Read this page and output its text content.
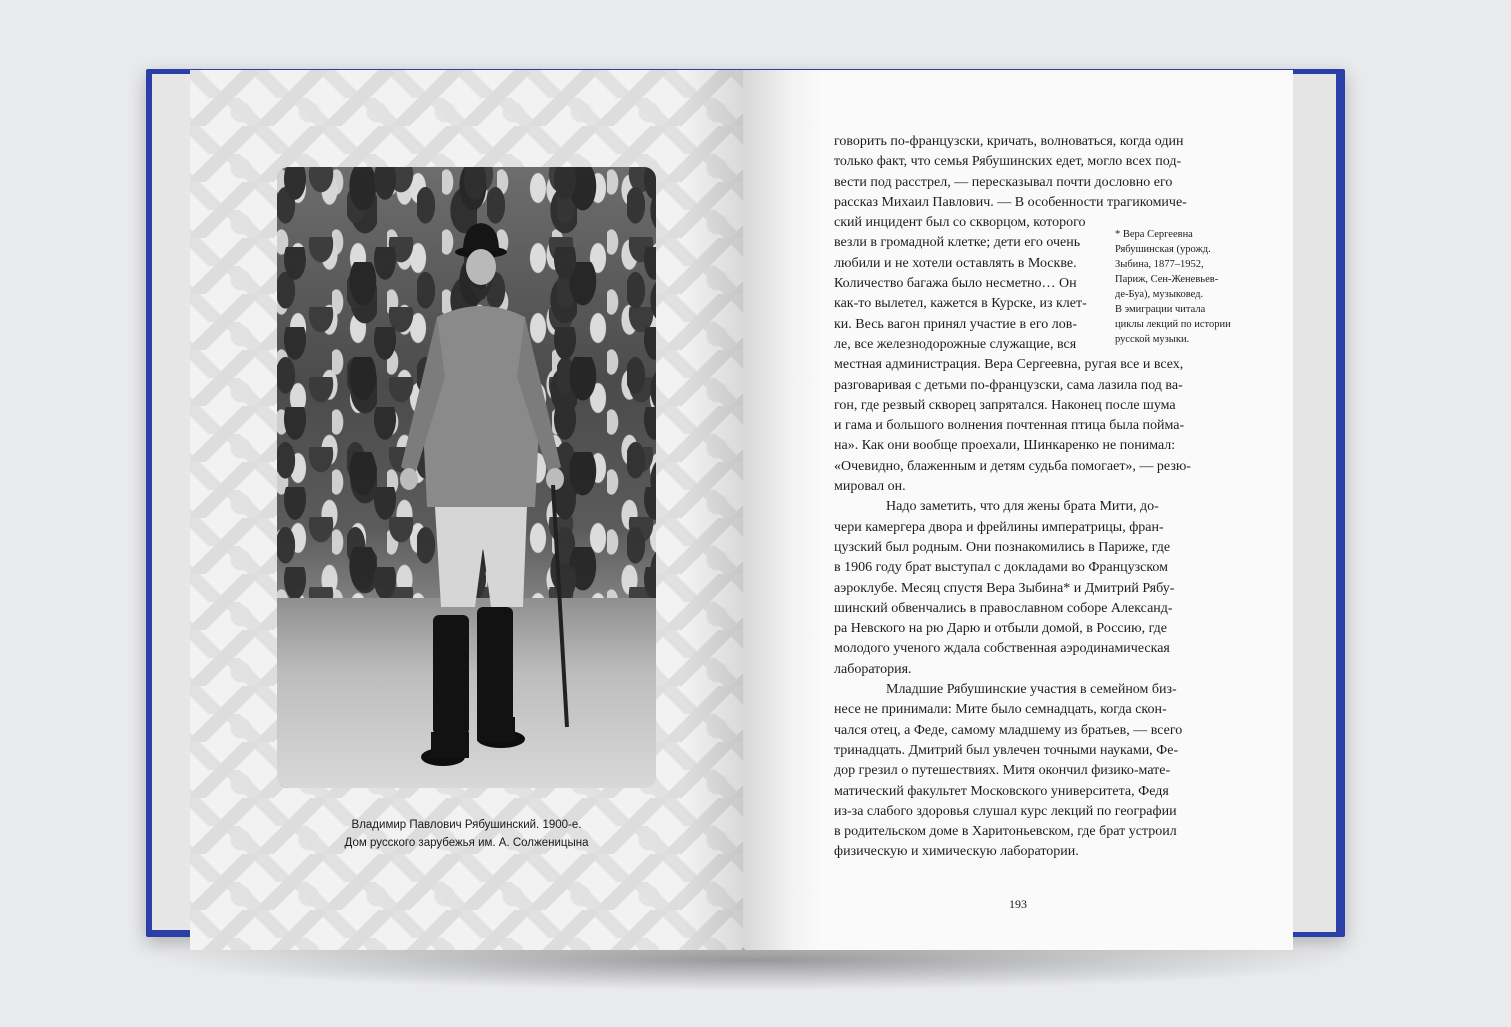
Владимир Павлович Рябушинский. 1900-е.
Дом русского зарубежья им. А. Солженицына
говорить по-французски, кричать, волноваться, когда один
только факт, что семья Рябушинских едет, могло всех под-
вести под расстрел, — пересказывал почти дословно его
рассказ Михаил Павлович. — В особенности трагикомиче-
ский инцидент был со скворцом, которого
везли в громадной клетке; дети его очень
любили и не хотели оставлять в Москве.
Количество багажа было несметно… Он
как-то вылетел, кажется в Курске, из клет-
ки. Весь вагон принял участие в его лов-
ле, все железнодорожные служащие, вся
местная администрация. Вера Сергеевна, ругая все и всех,
разговаривая с детьми по-французски, сама лазила под ва-
гон, где резвый скворец запрятался. Наконец после шума
и гама и большого волнения почтенная птица была пойма-
на». Как они вообще проехали, Шинкаренко не понимал:
«Очевидно, блаженным и детям судьба помогает», — резю-
мировал он.
Надо заметить, что для жены брата Мити, до-
чери камергера двора и фрейлины императрицы, фран-
цузский был родным. Они познакомились в Париже, где
в 1906 году брат выступал с докладами во Французском
аэроклубе. Месяц спустя Вера Зыбина* и Дмитрий Рябу-
шинский обвенчались в православном соборе Александ-
ра Невского на рю Дарю и отбыли домой, в Россию, где
молодого ученого ждала собственная аэродинамическая
лаборатория.
Младшие Рябушинские участия в семейном биз-
несе не принимали: Мите было семнадцать, когда скон-
чался отец, а Феде, самому младшему из братьев, — всего
тринадцать. Дмитрий был увлечен точными науками, Фе-
дор грезил о путешествиях. Митя окончил физико-мате-
матический факультет Московского университета, Федя
из-за слабого здоровья слушал курс лекций по географии
в родительском доме в Харитоньевском, где брат устроил
физическую и химическую лаборатории.
* Вера Сергеевна
Рябушинская (урожд.
Зыбина, 1877–1952,
Париж, Сен-Женевьев-
де-Буа), музыковед.
В эмиграции читала
циклы лекций по истории
русской музыки.
193
